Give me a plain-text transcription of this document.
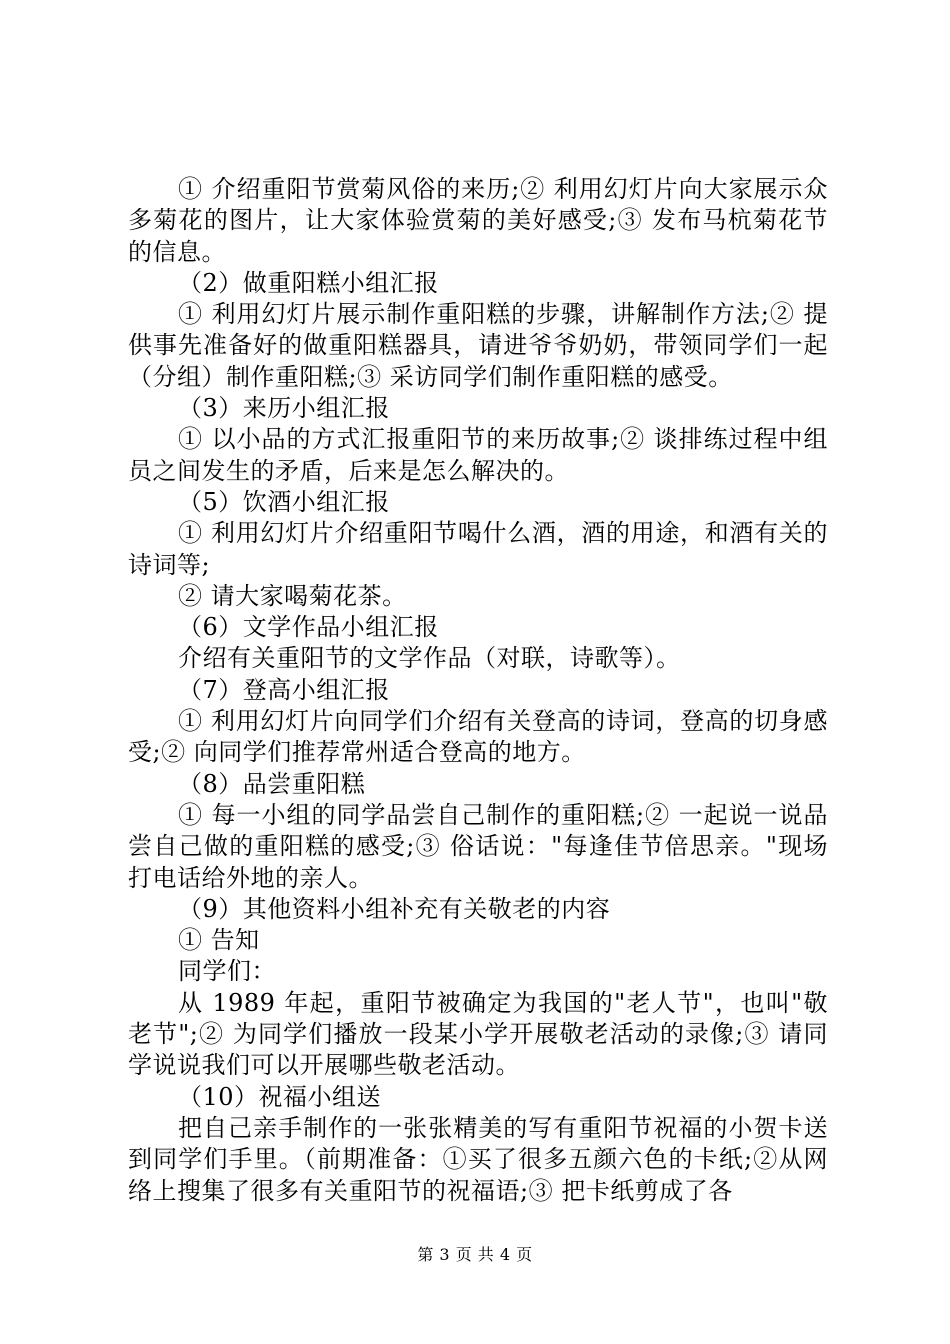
① 介绍重阳节赏菊风俗的来历;② 利用幻灯片向大家展示众多菊花的图片，让大家体验赏菊的美好感受;③ 发布马杭菊花节的信息。

（2）做重阳糕小组汇报

① 利用幻灯片展示制作重阳糕的步骤，讲解制作方法;② 提供事先准备好的做重阳糕器具，请进爷爷奶奶，带领同学们一起（分组）制作重阳糕;③ 采访同学们制作重阳糕的感受。

（3）来历小组汇报

① 以小品的方式汇报重阳节的来历故事;② 谈排练过程中组员之间发生的矛盾，后来是怎么解决的。

（5）饮酒小组汇报

① 利用幻灯片介绍重阳节喝什么酒，酒的用途，和酒有关的诗词等;

② 请大家喝菊花茶。

（6）文学作品小组汇报

介绍有关重阳节的文学作品（对联，诗歌等）。

（7）登高小组汇报

① 利用幻灯片向同学们介绍有关登高的诗词，登高的切身感受;② 向同学们推荐常州适合登高的地方。

（8）品尝重阳糕

① 每一小组的同学品尝自己制作的重阳糕;② 一起说一说品尝自己做的重阳糕的感受;③ 俗话说："每逢佳节倍思亲。"现场打电话给外地的亲人。

（9）其他资料小组补充有关敬老的内容

① 告知

同学们：

从 1989 年起，重阳节被确定为我国的"老人节"，也叫"敬老节";② 为同学们播放一段某小学开展敬老活动的录像;③ 请同学说说我们可以开展哪些敬老活动。

（10）祝福小组送

把自己亲手制作的一张张精美的写有重阳节祝福的小贺卡送到同学们手里。（前期准备：①买了很多五颜六色的卡纸;②从网络上搜集了很多有关重阳节的祝福语;③ 把卡纸剪成了各

第 3 页 共 4 页
